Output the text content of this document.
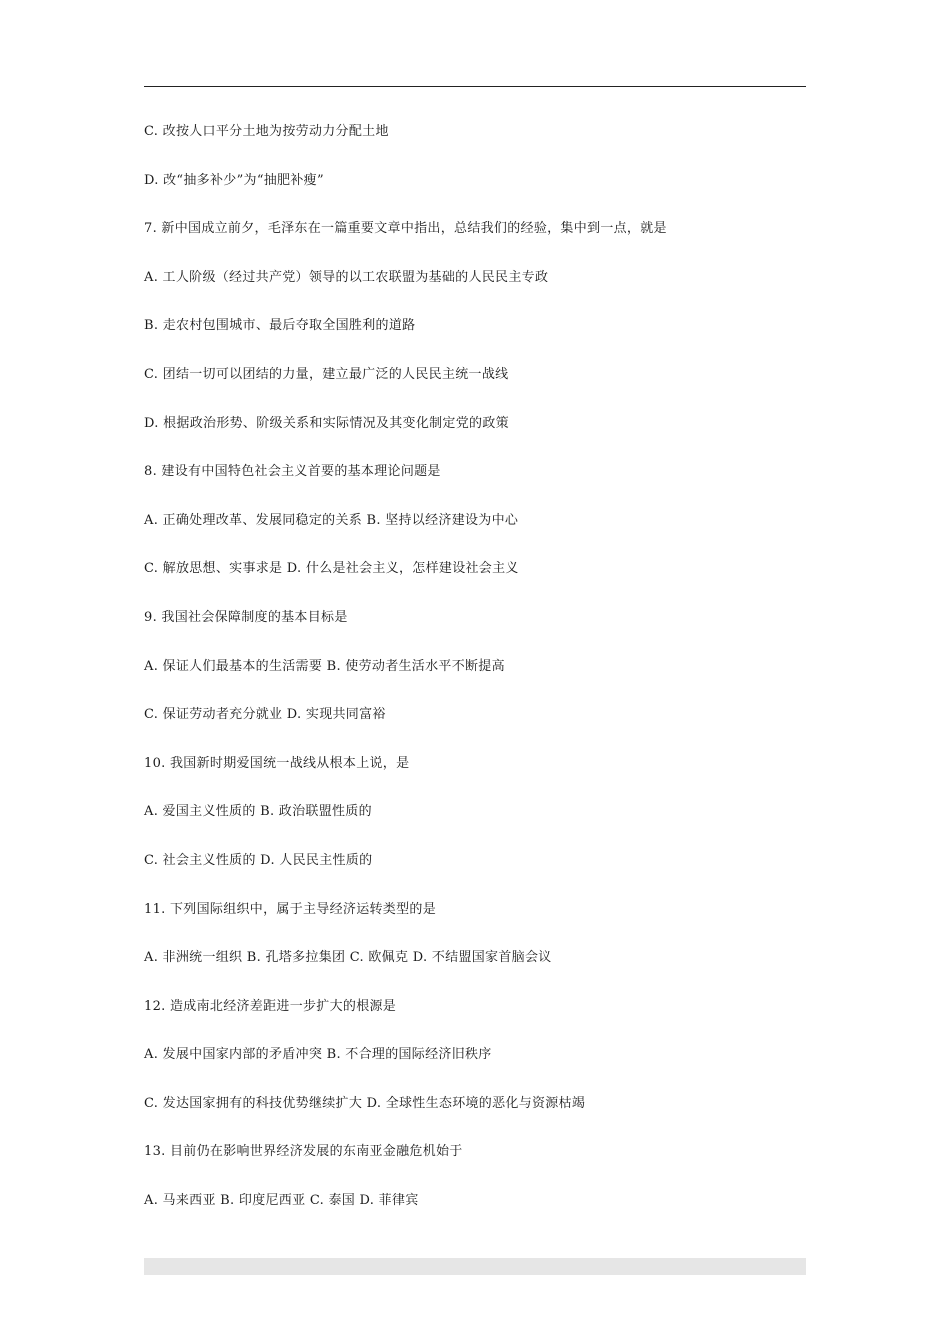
C. 改按人口平分土地为按劳动力分配土地
D. 改“抽多补少”为“抽肥补瘦”
7. 新中国成立前夕，毛泽东在一篇重要文章中指出，总结我们的经验，集中到一点，就是
A. 工人阶级（经过共产党）领导的以工农联盟为基础的人民民主专政
B. 走农村包围城市、最后夺取全国胜利的道路
C. 团结一切可以团结的力量，建立最广泛的人民民主统一战线
D. 根据政治形势、阶级关系和实际情况及其变化制定党的政策
8. 建设有中国特色社会主义首要的基本理论问题是
A. 正确处理改革、发展同稳定的关系 B. 坚持以经济建设为中心
C. 解放思想、实事求是 D. 什么是社会主义，怎样建设社会主义
9. 我国社会保障制度的基本目标是
A. 保证人们最基本的生活需要 B. 使劳动者生活水平不断提高
C. 保证劳动者充分就业 D. 实现共同富裕
10. 我国新时期爱国统一战线从根本上说，是
A. 爱国主义性质的 B. 政治联盟性质的
C. 社会主义性质的 D. 人民民主性质的
11. 下列国际组织中，属于主导经济运转类型的是
A. 非洲统一组织 B. 孔塔多拉集团 C. 欧佩克 D. 不结盟国家首脑会议
12. 造成南北经济差距进一步扩大的根源是
A. 发展中国家内部的矛盾冲突 B. 不合理的国际经济旧秩序
C. 发达国家拥有的科技优势继续扩大 D. 全球性生态环境的恶化与资源枯竭
13. 目前仍在影响世界经济发展的东南亚金融危机始于
A. 马来西亚 B. 印度尼西亚 C. 泰国 D. 菲律宾
